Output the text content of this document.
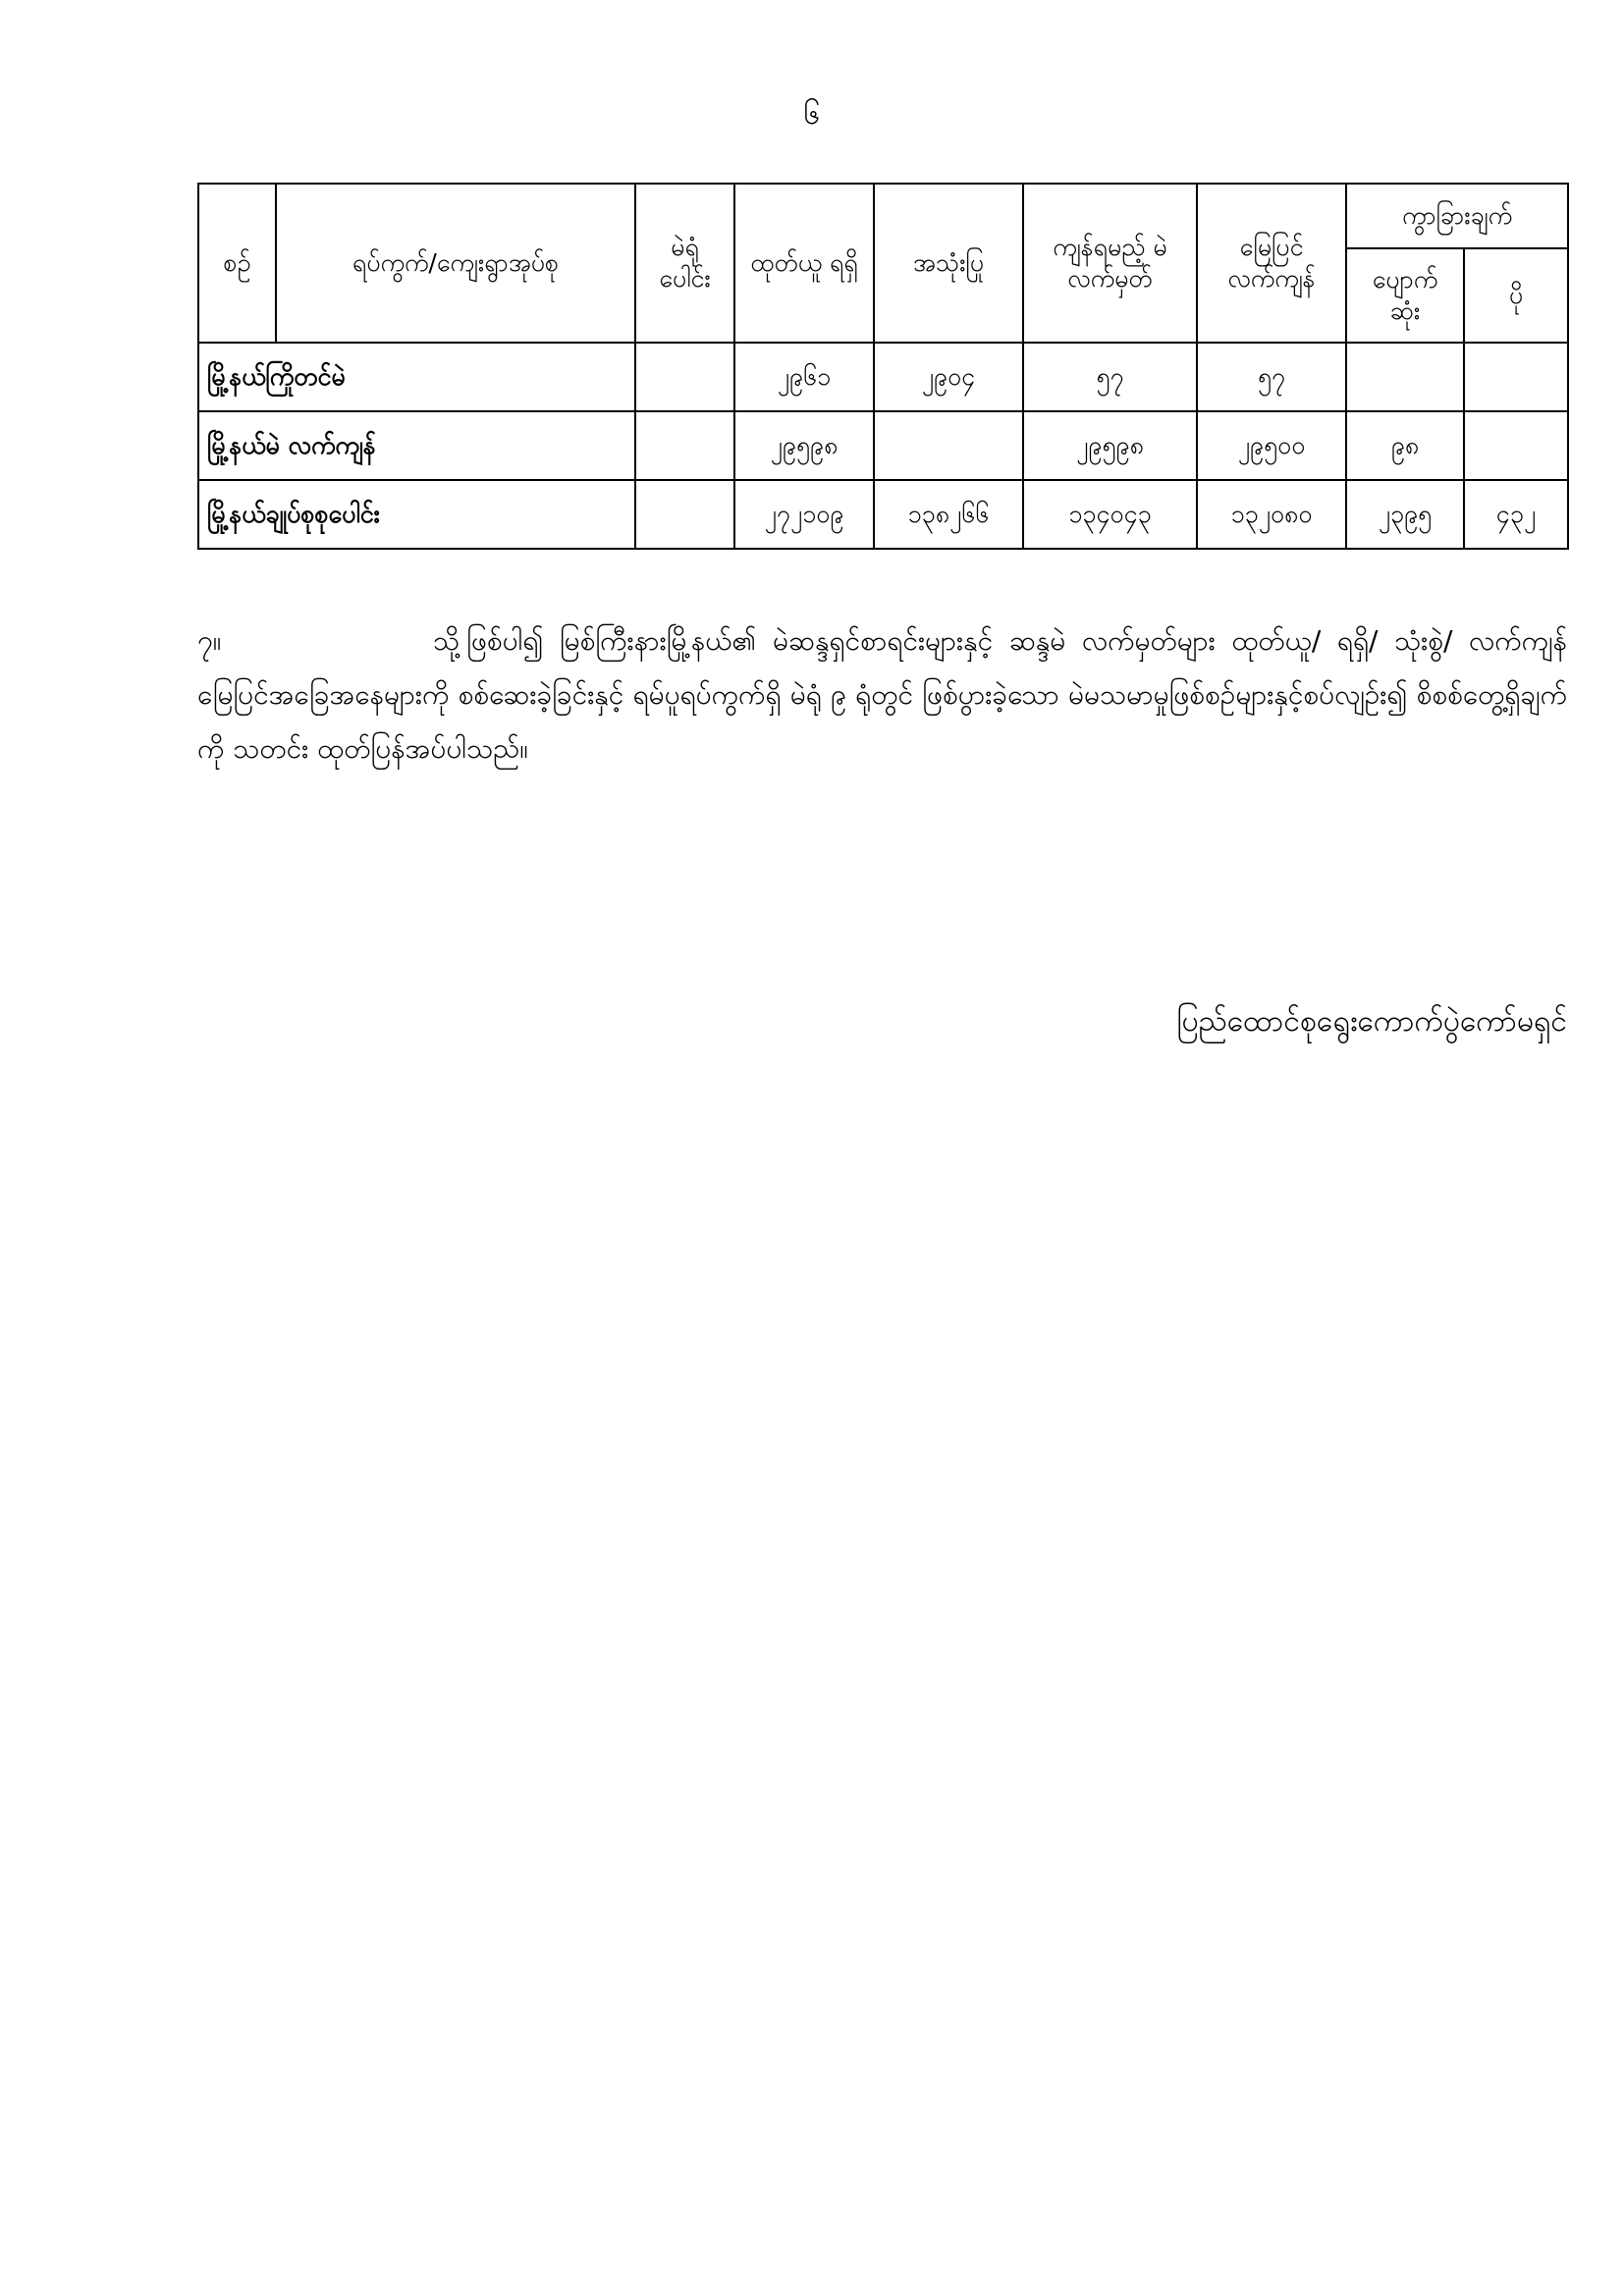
၆
စဉ်	ရပ်ကွက်/ကျေးရွာအုပ်စု	မဲရုံ ပေါင်း	ထုတ်ယူ ရရှိ	အသုံးပြု	ကျန်ရမည့် မဲလက်မှတ်	မြေပြင် လက်ကျန်	ကွာခြားချက်	
							ပျောက် ဆုံး	ပို
မြို့နယ်ကြိုတင်မဲ			၂၉၆၁	၂၉၀၄	၅၇	၅၇		
မြို့နယ်မဲ လက်ကျန်			၂၉၅၉၈		၂၉၅၉၈	၂၉၅၀၀	၉၈	
မြို့နယ်ချုပ်စုစုပေါင်း			၂၇၂၁၀၉	၁၃၈၂၆၆	၁၃၄၀၄၃	၁၃၂၀၈၀	၂၃၉၅	၄၃၂

၇။	သို့ဖြစ်ပါ၍ မြစ်ကြီးနားမြို့နယ်၏ မဲဆန္ဒရှင်စာရင်းများနှင့် ဆန္ဒမဲ လက်မှတ်များ ထုတ်ယူ/ ရရှိ/ သုံးစွဲ/ လက်ကျန် မြေပြင်အခြေအနေများကို စစ်ဆေးခဲ့ခြင်းနှင့် ရမ်ပူရပ်ကွက်ရှိ မဲရုံ ၉ ရုံတွင် ဖြစ်ပွားခဲ့သော မဲမသမာမှုဖြစ်စဉ်များနှင့်စပ်လျဉ်း၍ စိစစ်တွေ့ရှိချက်ကို သတင်း ထုတ်ပြန်အပ်ပါသည်။

ပြည်ထောင်စုရွေးကောက်ပွဲကော်မရှင်
